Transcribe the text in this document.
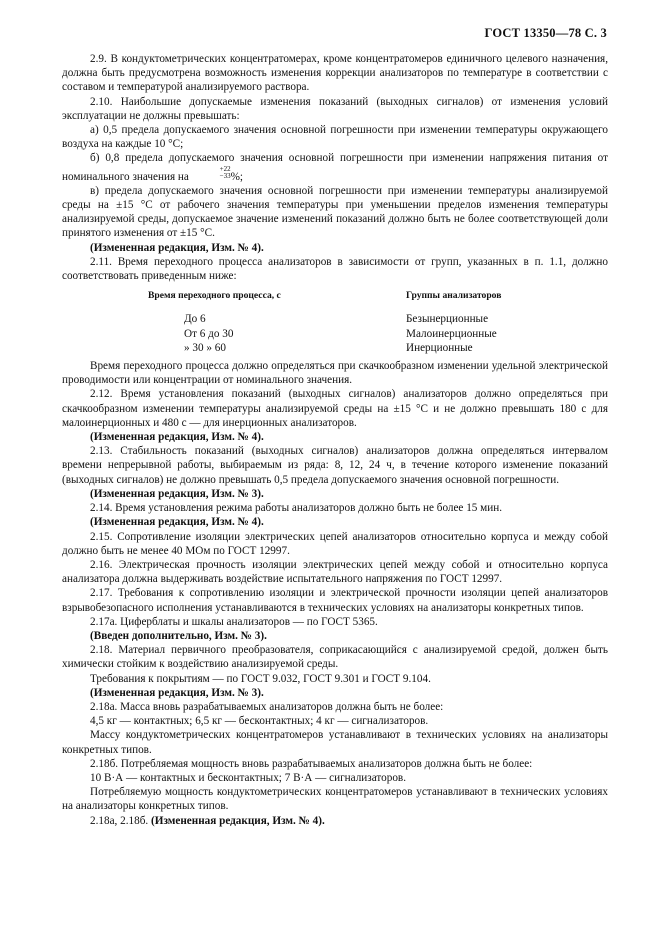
ГОСТ 13350—78 С. 3

2.9. В кондуктометрических концентратомерах, кроме концентратомеров единичного целевого назначения, должна быть предусмотрена возможность изменения коррекции анализаторов по температуре в соответствии с составом и температурой анализируемого раствора.

2.10. Наибольшие допускаемые изменения показаний (выходных сигналов) от изменения условий эксплуатации не должны превышать:

а) 0,5 предела допускаемого значения основной погрешности при изменении температуры окружающего воздуха на каждые 10 °С;

б) 0,8 предела допускаемого значения основной погрешности при изменении напряжения питания от номинального значения на
+22
−33 %;

в) предела допускаемого значения основной погрешности при изменении температуры анализируемой среды на ±15 °С от рабочего значения температуры при уменьшении пределов изменения температуры анализируемой среды, допускаемое значение изменений показаний должно быть не более соответствующей доли принятого изменения от ±15 °С.

(Измененная редакция, Изм. № 4).

2.11. Время переходного процесса анализаторов в зависимости от групп, указанных в п. 1.1, должно соответствовать приведенным ниже:

Время переходного процесса, с	Группы анализаторов
До 6	Безынерционные
От 6 до 30	Малоинерционные
» 30 » 60	Инерционные

Время переходного процесса должно определяться при скачкообразном изменении удельной электрической проводимости или концентрации от номинального значения.

2.12. Время установления показаний (выходных сигналов) анализаторов должно определяться при скачкообразном изменении температуры анализируемой среды на ±15 °С и не должно превышать 180 с для малоинерционных и 480 с — для инерционных анализаторов.

(Измененная редакция, Изм. № 4).

2.13. Стабильность показаний (выходных сигналов) анализаторов должна определяться интервалом времени непрерывной работы, выбираемым из ряда: 8, 12, 24 ч, в течение которого изменение показаний (выходных сигналов) не должно превышать 0,5 предела допускаемого значения основной погрешности.

(Измененная редакция, Изм. № 3).

2.14. Время установления режима работы анализаторов должно быть не более 15 мин.

(Измененная редакция, Изм. № 4).

2.15. Сопротивление изоляции электрических цепей анализаторов относительно корпуса и между собой должно быть не менее 40 МОм по ГОСТ 12997.

2.16. Электрическая прочность изоляции электрических цепей между собой и относительно корпуса анализатора должна выдерживать воздействие испытательного напряжения по ГОСТ 12997.

2.17. Требования к сопротивлению изоляции и электрической прочности изоляции цепей анализаторов взрывобезопасного исполнения устанавливаются в технических условиях на анализаторы конкретных типов.

2.17а. Циферблаты и шкалы анализаторов — по ГОСТ 5365.

(Введен дополнительно, Изм. № 3).

2.18. Материал первичного преобразователя, соприкасающийся с анализируемой средой, должен быть химически стойким к воздействию анализируемой среды.

Требования к покрытиям — по ГОСТ 9.032, ГОСТ 9.301 и ГОСТ 9.104.

(Измененная редакция, Изм. № 3).

2.18а. Масса вновь разрабатываемых анализаторов должна быть не более:

4,5 кг — контактных; 6,5 кг — бесконтактных; 4 кг — сигнализаторов.

Массу кондуктометрических концентратомеров устанавливают в технических условиях на анализаторы конкретных типов.

2.18б. Потребляемая мощность вновь разрабатываемых анализаторов должна быть не более:

10 В·А — контактных и бесконтактных; 7 В·А — сигнализаторов.

Потребляемую мощность кондуктометрических концентратомеров устанавливают в технических условиях на анализаторы конкретных типов.

2.18а, 2.18б. (Измененная редакция, Изм. № 4).
